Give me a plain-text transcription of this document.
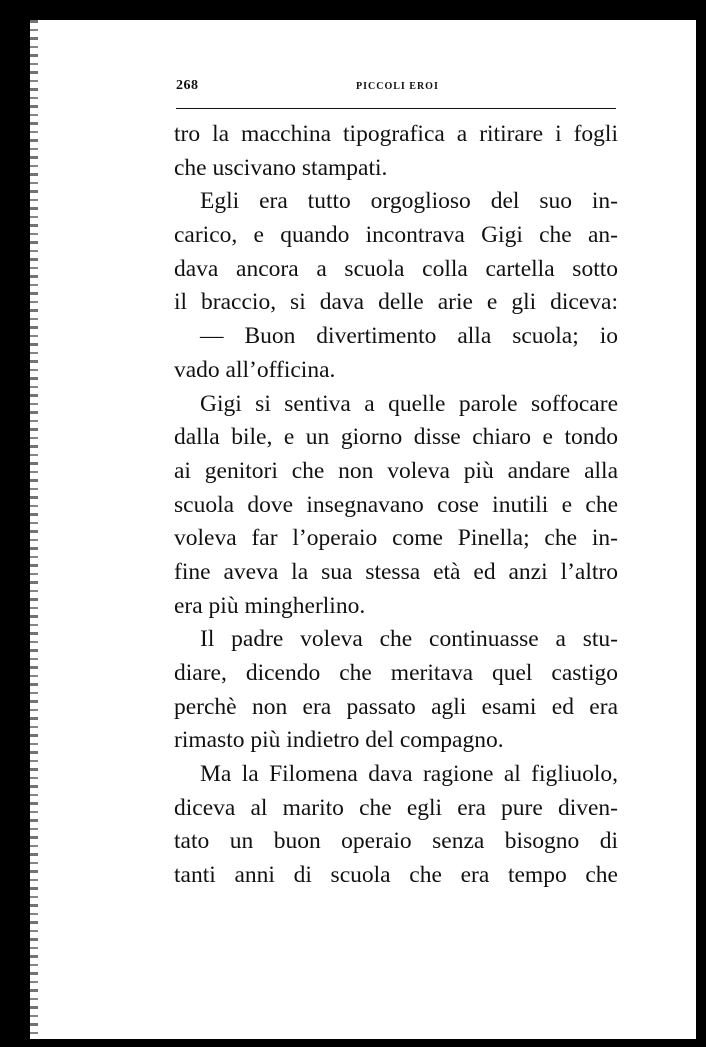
268	PICCOLI EROI
tro la macchina tipografica a ritirare i fogli
che uscivano stampati.
Egli era tutto orgoglioso del suo in-
carico, e quando incontrava Gigi che an-
dava ancora a scuola colla cartella sotto
il braccio, si dava delle arie e gli diceva:
— Buon divertimento alla scuola; io
vado all’officina.
Gigi si sentiva a quelle parole soffocare
dalla bile, e un giorno disse chiaro e tondo
ai genitori che non voleva più andare alla
scuola dove insegnavano cose inutili e che
voleva far l’operaio come Pinella; che in-
fine aveva la sua stessa età ed anzi l’altro
era più mingherlino.
Il padre voleva che continuasse a stu-
diare, dicendo che meritava quel castigo
perchè non era passato agli esami ed era
rimasto più indietro del compagno.
Ma la Filomena dava ragione al figliuolo,
diceva al marito che egli era pure diven-
tato un buon operaio senza bisogno di
tanti anni di scuola che era tempo che
